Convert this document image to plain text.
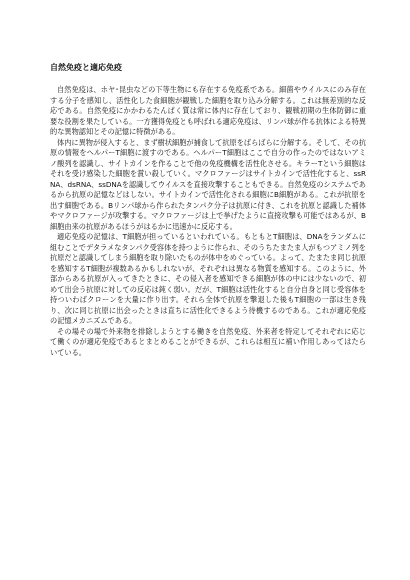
自然免疫と適応免疫

自然免疫は、ホヤ･昆虫などの下等生物にも存在する免疫系である。細菌やウイルスにのみ存在する分子を感知し、活性化した食細胞が観戦した細胞を取り込み分解する。これは無差別的な反応である。自然免疫にかかわるたんぱく質は常に体内に存在しており、観戦初期の生体防御に重要な役割を果たしている。一方獲得免疫とも呼ばれる適応免疫は、リンパ球が作る抗体による特異的な異物認知とその記憶に特徴がある。

体内に異物が侵入すると、まず樹状細胞が捕食して抗原をばらばらに分解する。そして、その抗原の情報をヘルパーT細胞に渡すのである。ヘルパーT細胞はここで自分の作ったのではないアミノ酸列を認識し、サイトカインを作ることで他の免疫機構を活性化させる。キラーTという細胞はそれを受け感染した細胞を賞い殺していく。マクロファージはサイトカインで活性化すると、ssRNA、dsRNA、ssDNAを認識してウイルスを直接攻撃することもできる。自然免疫のシステムであるから抗原の記憶などはしない。サイトカインで活性化される細胞にB細胞がある。これが抗原を出す細胞である。Bリンパ球から作られたタンパク分子は抗原に付き、これを抗原と認識した補体やマクロファージが攻撃する。マクロファージは上で挙げたように直接攻撃も可能ではあるが、B細胞由来の抗原があるほうがはるかに迅速かに反応する。

適応免疫の記憶は、T細胞が担っているといわれている。もともとT細胞は、DNAをランダムに組むことでデタラメなタンパク受容体を持つように作られ、そのうちたまたま人がもつアミノ列を抗原だと認識してしまう細胞を取り除いたものが体中をめぐっている。よって、たまたま同じ抗原を感知するT細胞が複数あるかもしれないが、それぞれは異なる物質を感知する。このように、外部からある抗原が入ってきたときに、その侵入者を感知できる細胞が体の中には少ないので、初めて出会う抗原に対しての反応は鈍く弱い。だが、T細胞は活性化すると自分自身と同じ受容体を持ついわばクローンを大量に作り出す。それら全体で抗原を撃退した後もT細胞の一部は生き残り、次に同じ抗原に出会ったときは直ちに活性化できるよう待機するのである。これが適応免疫の記憶メカニズムである。

その場その場で外来物を排除しようとする働きを自然免疫、外来者を特定してそれぞれに応じて働くのが適応免疫であるとまとめることができるが、これらは相互に補い作用しあってはたらいている。
